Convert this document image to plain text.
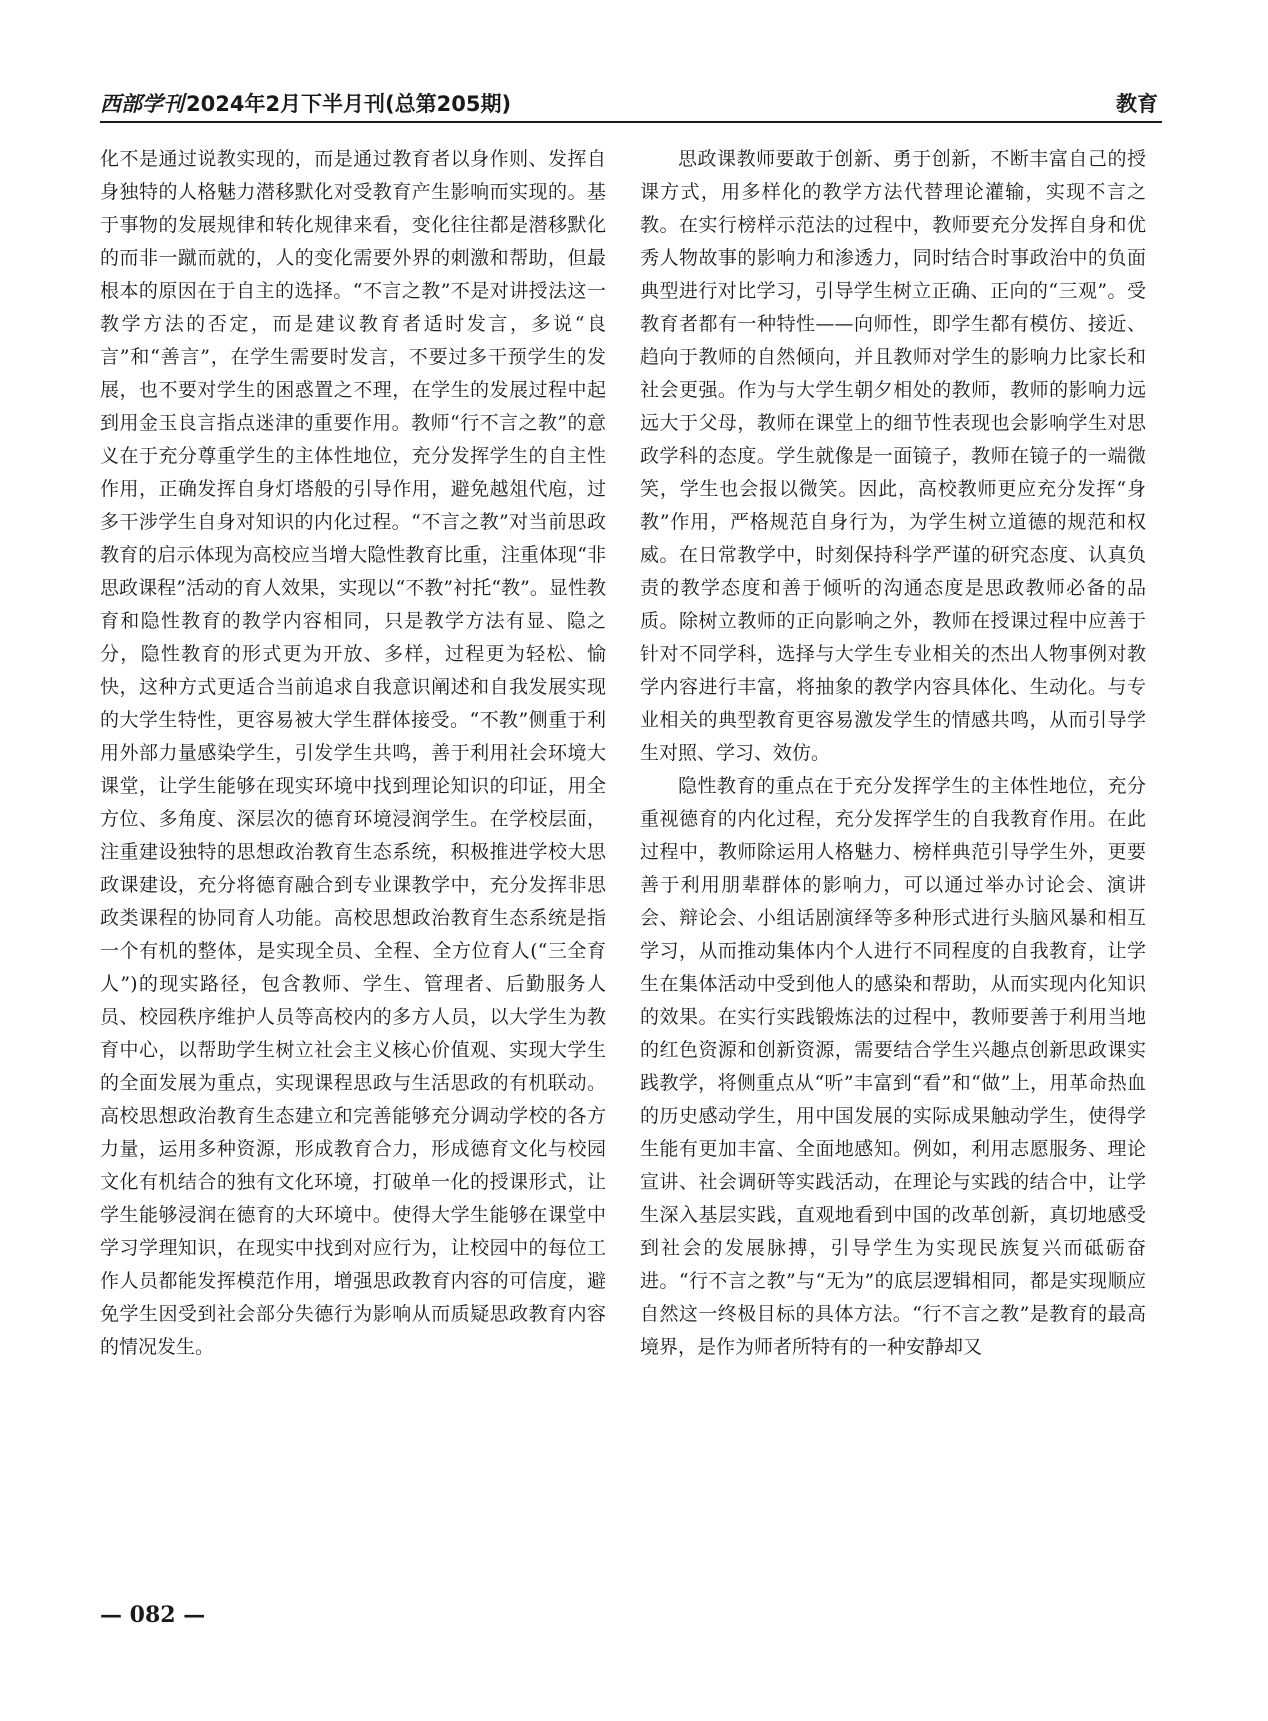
西部学刊2024年2月下半月刊(总第205期)	教育

化不是通过说教实现的，而是通过教育者以身作则、发挥自身独特的人格魅力潜移默化对受教育产生影响而实现的。基于事物的发展规律和转化规律来看，变化往往都是潜移默化的而非一蹴而就的，人的变化需要外界的刺激和帮助，但最根本的原因在于自主的选择。“不言之教”不是对讲授法这一教学方法的否定，而是建议教育者适时发言，多说“良言”和“善言”，在学生需要时发言，不要过多干预学生的发展，也不要对学生的困惑置之不理，在学生的发展过程中起到用金玉良言指点迷津的重要作用。教师“行不言之教”的意义在于充分尊重学生的主体性地位，充分发挥学生的自主性作用，正确发挥自身灯塔般的引导作用，避免越俎代庖，过多干涉学生自身对知识的内化过程。“不言之教”对当前思政教育的启示体现为高校应当增大隐性教育比重，注重体现“非思政课程”活动的育人效果，实现以“不教”衬托“教”。显性教育和隐性教育的教学内容相同，只是教学方法有显、隐之分，隐性教育的形式更为开放、多样，过程更为轻松、愉快，这种方式更适合当前追求自我意识阐述和自我发展实现的大学生特性，更容易被大学生群体接受。“不教”侧重于利用外部力量感染学生，引发学生共鸣，善于利用社会环境大课堂，让学生能够在现实环境中找到理论知识的印证，用全方位、多角度、深层次的德育环境浸润学生。在学校层面，注重建设独特的思想政治教育生态系统，积极推进学校大思政课建设，充分将德育融合到专业课教学中，充分发挥非思政类课程的协同育人功能。高校思想政治教育生态系统是指一个有机的整体，是实现全员、全程、全方位育人(“三全育人”)的现实路径，包含教师、学生、管理者、后勤服务人员、校园秩序维护人员等高校内的多方人员，以大学生为教育中心，以帮助学生树立社会主义核心价值观、实现大学生的全面发展为重点，实现课程思政与生活思政的有机联动。高校思想政治教育生态建立和完善能够充分调动学校的各方力量，运用多种资源，形成教育合力，形成德育文化与校园文化有机结合的独有文化环境，打破单一化的授课形式，让学生能够浸润在德育的大环境中。使得大学生能够在课堂中学习学理知识，在现实中找到对应行为，让校园中的每位工作人员都能发挥模范作用，增强思政教育内容的可信度，避免学生因受到社会部分失德行为影响从而质疑思政教育内容的情况发生。

思政课教师要敢于创新、勇于创新，不断丰富自己的授课方式，用多样化的教学方法代替理论灌输，实现不言之教。在实行榜样示范法的过程中，教师要充分发挥自身和优秀人物故事的影响力和渗透力，同时结合时事政治中的负面典型进行对比学习，引导学生树立正确、正向的“三观”。受教育者都有一种特性——向师性，即学生都有模仿、接近、趋向于教师的自然倾向，并且教师对学生的影响力比家长和社会更强。作为与大学生朝夕相处的教师，教师的影响力远远大于父母，教师在课堂上的细节性表现也会影响学生对思政学科的态度。学生就像是一面镜子，教师在镜子的一端微笑，学生也会报以微笑。因此，高校教师更应充分发挥“身教”作用，严格规范自身行为，为学生树立道德的规范和权威。在日常教学中，时刻保持科学严谨的研究态度、认真负责的教学态度和善于倾听的沟通态度是思政教师必备的品质。除树立教师的正向影响之外，教师在授课过程中应善于针对不同学科，选择与大学生专业相关的杰出人物事例对教学内容进行丰富，将抽象的教学内容具体化、生动化。与专业相关的典型教育更容易激发学生的情感共鸣，从而引导学生对照、学习、效仿。

隐性教育的重点在于充分发挥学生的主体性地位，充分重视德育的内化过程，充分发挥学生的自我教育作用。在此过程中，教师除运用人格魅力、榜样典范引导学生外，更要善于利用朋辈群体的影响力，可以通过举办讨论会、演讲会、辩论会、小组话剧演绎等多种形式进行头脑风暴和相互学习，从而推动集体内个人进行不同程度的自我教育，让学生在集体活动中受到他人的感染和帮助，从而实现内化知识的效果。在实行实践锻炼法的过程中，教师要善于利用当地的红色资源和创新资源，需要结合学生兴趣点创新思政课实践教学，将侧重点从“听”丰富到“看”和“做”上，用革命热血的历史感动学生，用中国发展的实际成果触动学生，使得学生能有更加丰富、全面地感知。例如，利用志愿服务、理论宣讲、社会调研等实践活动，在理论与实践的结合中，让学生深入基层实践，直观地看到中国的改革创新，真切地感受到社会的发展脉搏，引导学生为实现民族复兴而砥砺奋进。“行不言之教”与“无为”的底层逻辑相同，都是实现顺应自然这一终极目标的具体方法。“行不言之教”是教育的最高境界，是作为师者所特有的一种安静却又

— 082 —
